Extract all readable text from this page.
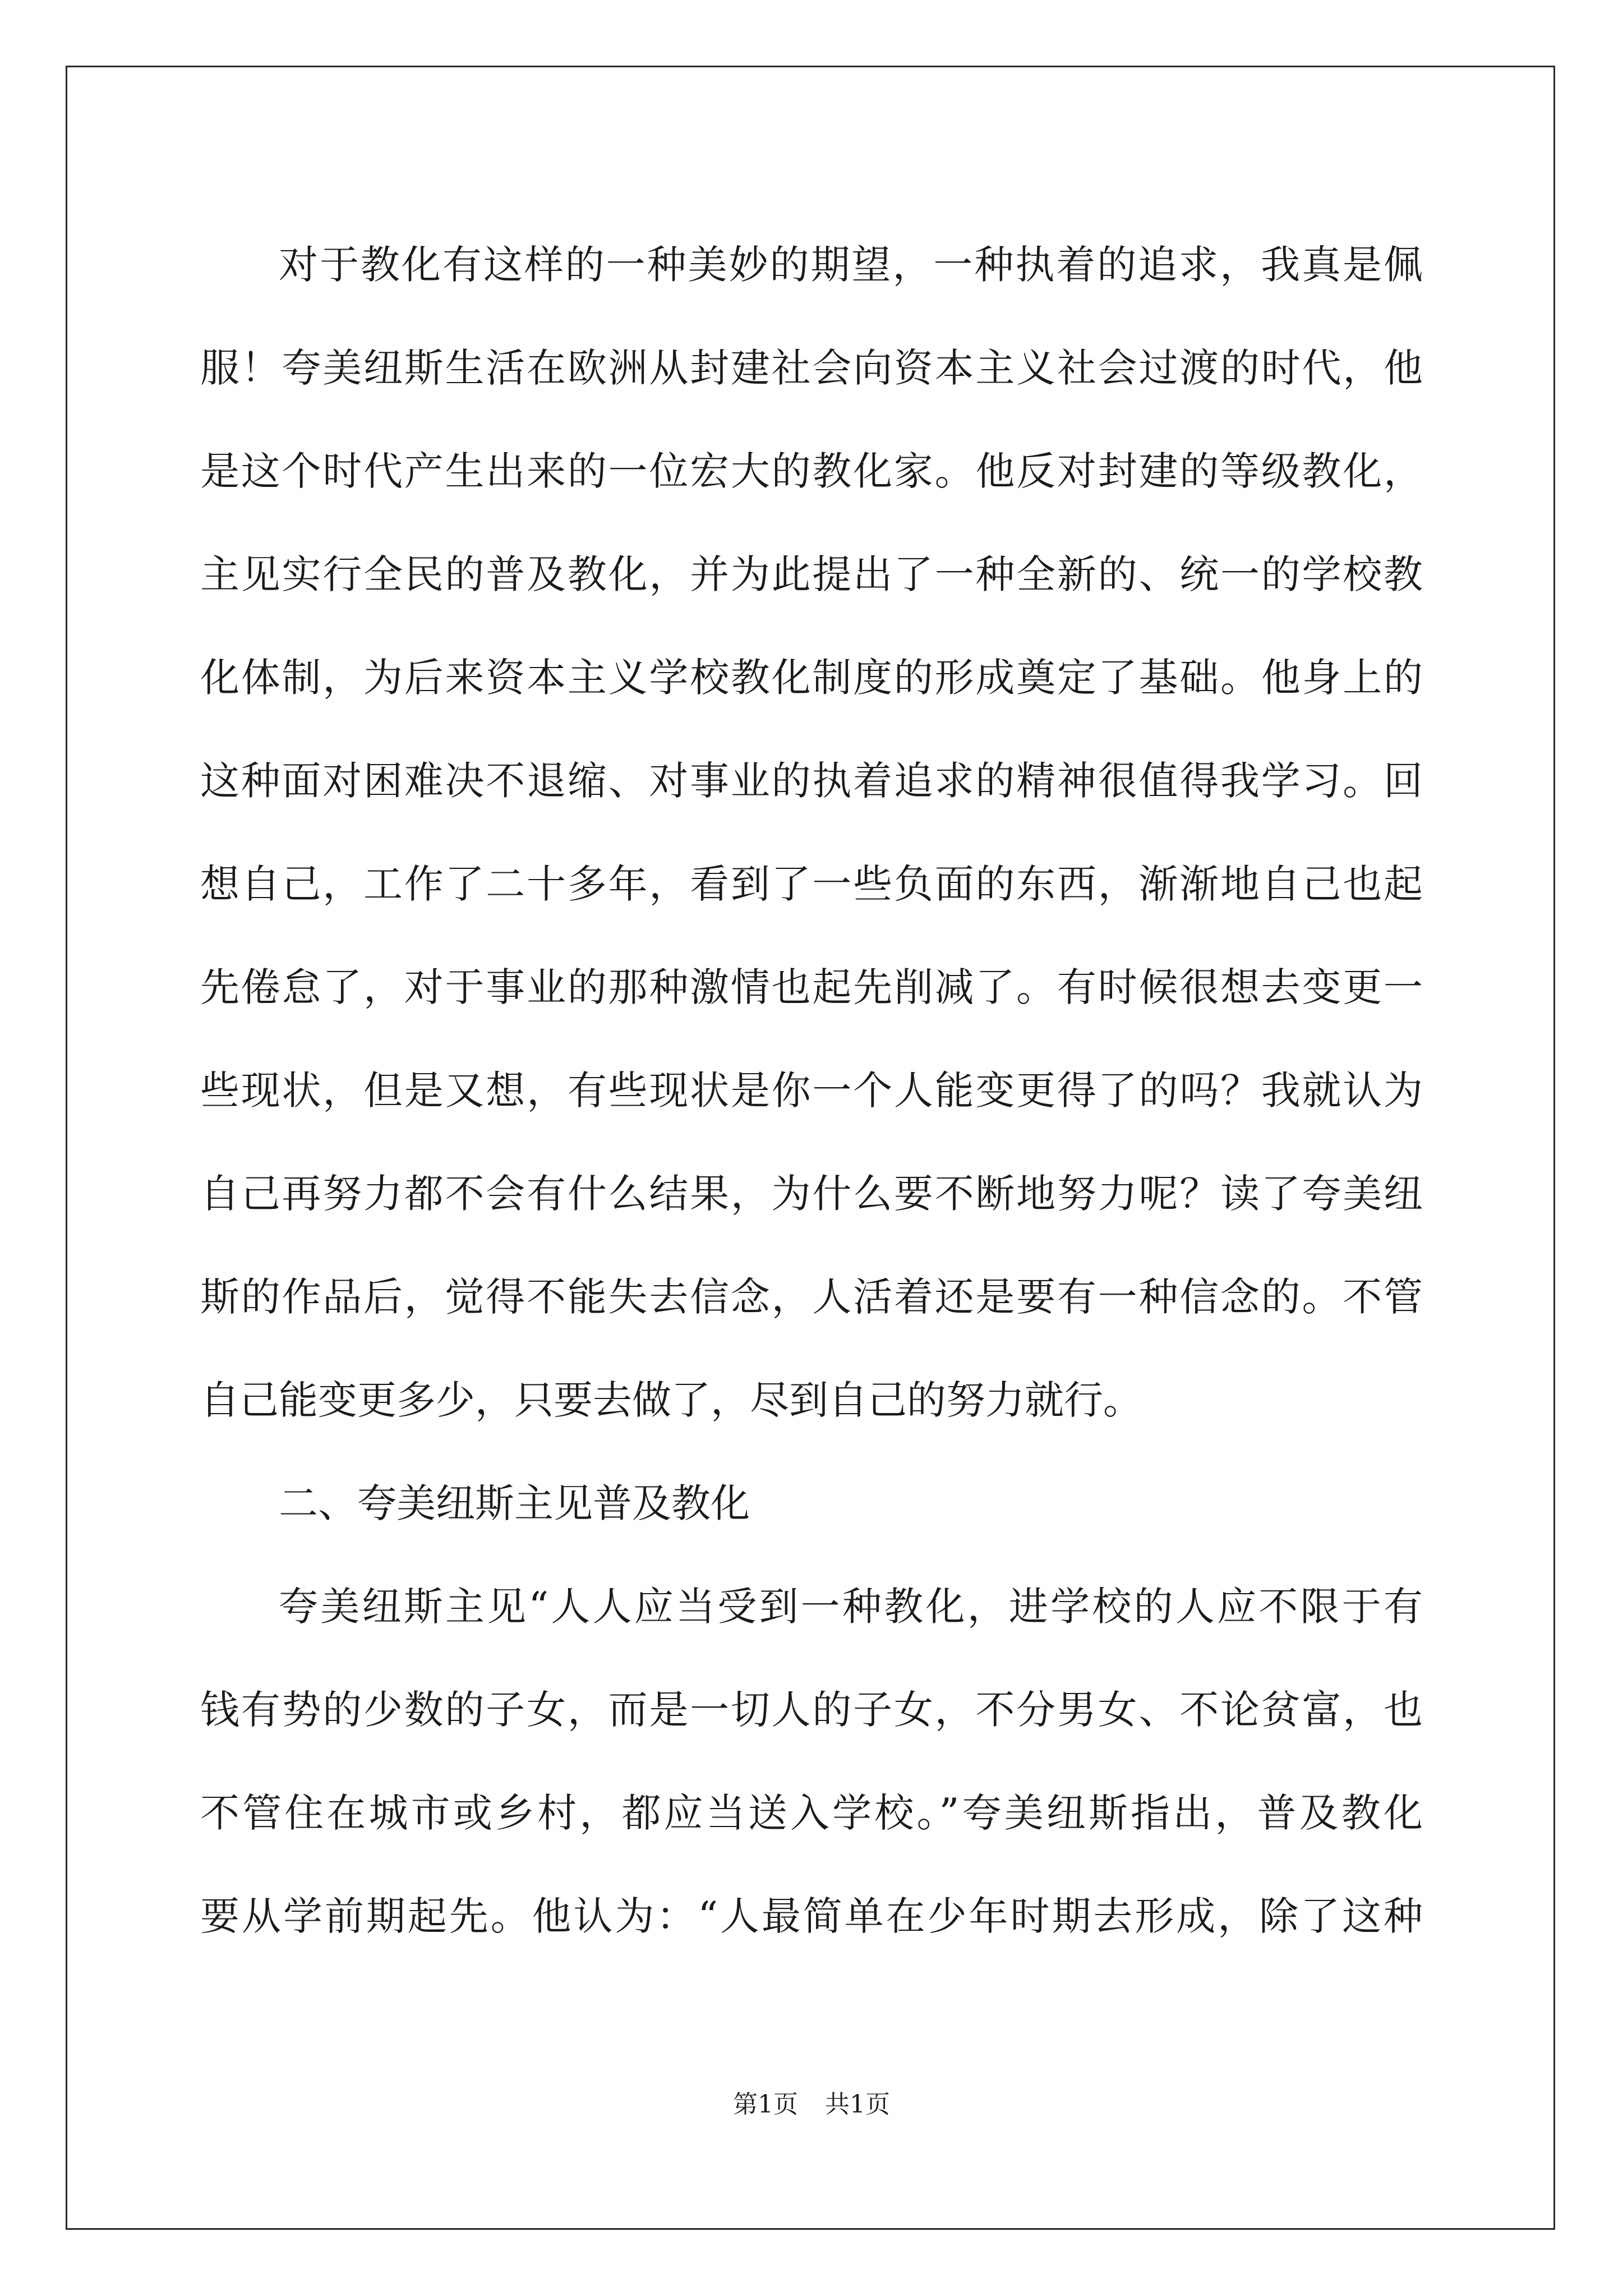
对于教化有这样的一种美妙的期望，一种执着的追求，我真是佩
服！夸美纽斯生活在欧洲从封建社会向资本主义社会过渡的时代，他
是这个时代产生出来的一位宏大的教化家。他反对封建的等级教化，
主见实行全民的普及教化，并为此提出了一种全新的、统一的学校教
化体制，为后来资本主义学校教化制度的形成奠定了基础。他身上的
这种面对困难决不退缩、对事业的执着追求的精神很值得我学习。回
想自己，工作了二十多年，看到了一些负面的东西，渐渐地自己也起
先倦怠了，对于事业的那种激情也起先削减了。有时候很想去变更一
些现状，但是又想，有些现状是你一个人能变更得了的吗？我就认为
自己再努力都不会有什么结果，为什么要不断地努力呢？读了夸美纽
斯的作品后，觉得不能失去信念，人活着还是要有一种信念的。不管
自己能变更多少，只要去做了，尽到自己的努力就行。
二、夸美纽斯主见普及教化
夸美纽斯主见“人人应当受到一种教化，进学校的人应不限于有
钱有势的少数的子女，而是一切人的子女，不分男女、不论贫富，也
不管住在城市或乡村，都应当送入学校。”夸美纽斯指出，普及教化
要从学前期起先。他认为：“人最简单在少年时期去形成，除了这种
第1页 共1页
